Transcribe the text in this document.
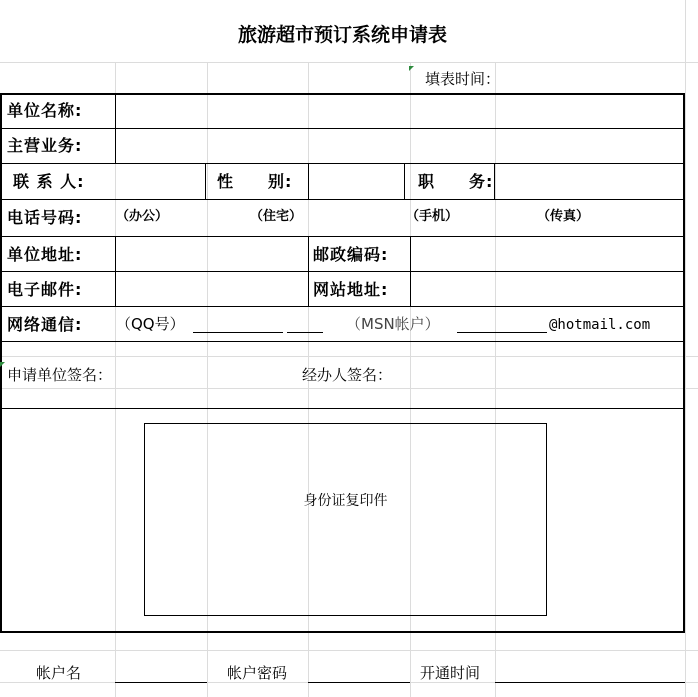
旅游超市预订系统申请表
填表时间：
单位名称:
主营业务:
联 系 人:	性　　别:	职　　务:
电话号码:	（办公）	（住宅）	（手机）	（传真）
单位地址:	邮政编码:
电子邮件:	网站地址:
网络通信: （QQ号）	（MSN帐户）	@hotmail.com
申请单位签名：	经办人签名：
身份证复印件
帐户名	帐户密码	开通时间
